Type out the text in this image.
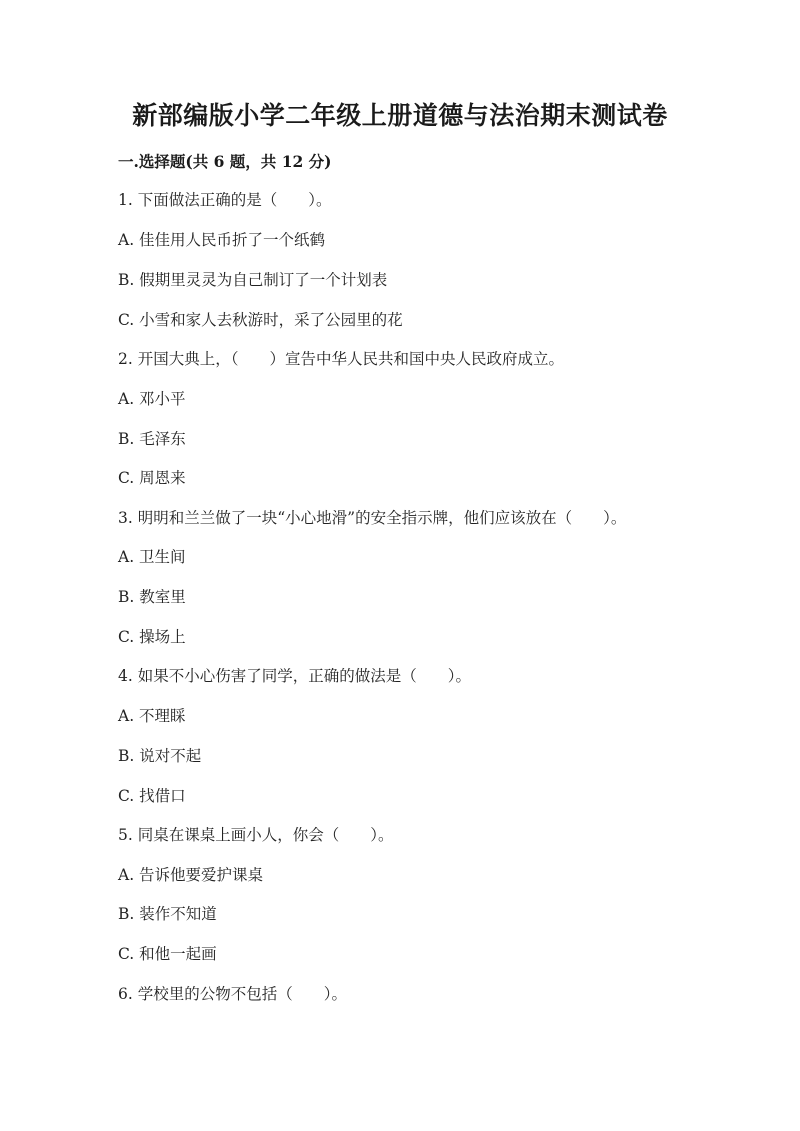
新部编版小学二年级上册道德与法治期末测试卷
一.选择题(共 6 题，共 12 分)
1. 下面做法正确的是（　　）。
A. 佳佳用人民币折了一个纸鹤
B. 假期里灵灵为自己制订了一个计划表
C. 小雪和家人去秋游时，采了公园里的花
2. 开国大典上，（　　）宣告中华人民共和国中央人民政府成立。
A. 邓小平
B. 毛泽东
C. 周恩来
3. 明明和兰兰做了一块“小心地滑”的安全指示牌，他们应该放在（　　）。
A. 卫生间
B. 教室里
C. 操场上
4. 如果不小心伤害了同学，正确的做法是（　　）。
A. 不理睬
B. 说对不起
C. 找借口
5. 同桌在课桌上画小人，你会（　　）。
A. 告诉他要爱护课桌
B. 装作不知道
C. 和他一起画
6. 学校里的公物不包括（　　）。
